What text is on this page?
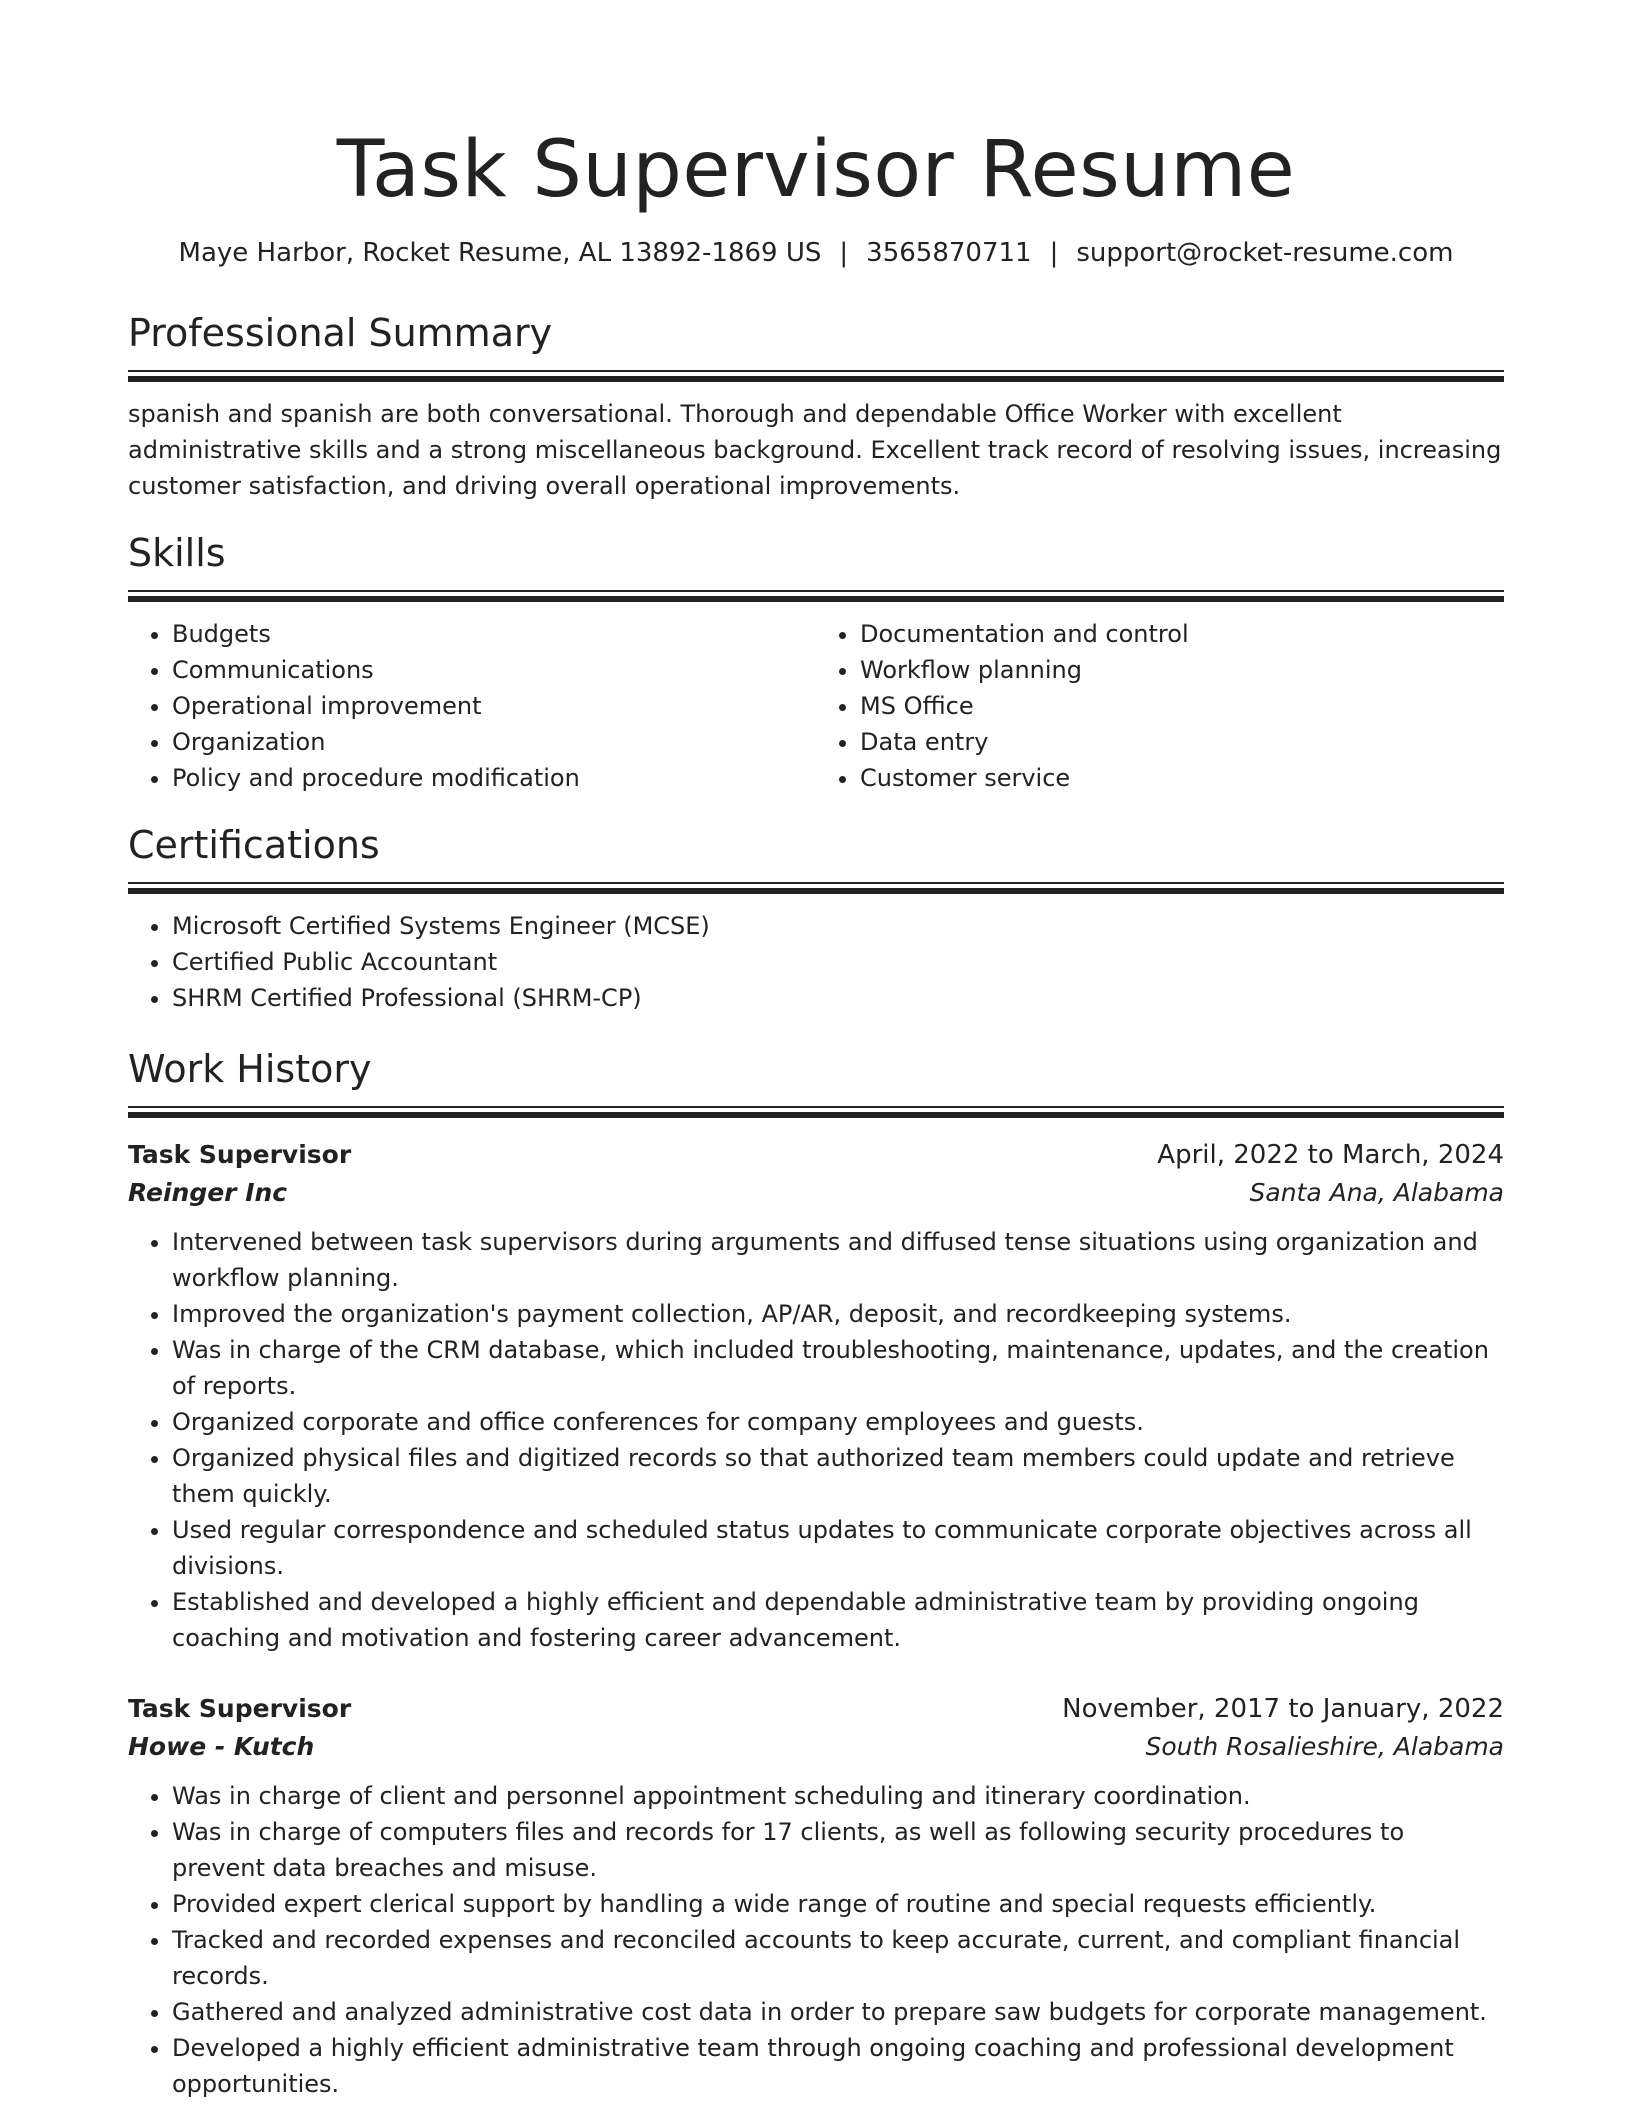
Task Supervisor Resume
Maye Harbor, Rocket Resume, AL 13892-1869 US | 3565870711 | support@rocket-resume.com
Professional Summary

spanish and spanish are both conversational. Thorough and dependable Office Worker with excellent administrative skills and a strong miscellaneous background. Excellent track record of resolving issues, increasing customer satisfaction, and driving overall operational improvements.

Skills
• Budgets
• Communications
• Operational improvement
• Organization
• Policy and procedure modification
• Documentation and control
• Workflow planning
• MS Office
• Data entry
• Customer service
Certifications
• Microsoft Certified Systems Engineer (MCSE)
• Certified Public Accountant
• SHRM Certified Professional (SHRM-CP)
Work History
Task Supervisor	April, 2022 to March, 2024
Reinger Inc	Santa Ana, Alabama
• Intervened between task supervisors during arguments and diffused tense situations using organization and workflow planning.
• Improved the organization's payment collection, AP/AR, deposit, and recordkeeping systems.
• Was in charge of the CRM database, which included troubleshooting, maintenance, updates, and the creation of reports.
• Organized corporate and office conferences for company employees and guests.
• Organized physical files and digitized records so that authorized team members could update and retrieve them quickly.
• Used regular correspondence and scheduled status updates to communicate corporate objectives across all divisions.
• Established and developed a highly efficient and dependable administrative team by providing ongoing coaching and motivation and fostering career advancement.
Task Supervisor	November, 2017 to January, 2022
Howe - Kutch	South Rosalieshire, Alabama
• Was in charge of client and personnel appointment scheduling and itinerary coordination.
• Was in charge of computers files and records for 17 clients, as well as following security procedures to prevent data breaches and misuse.
• Provided expert clerical support by handling a wide range of routine and special requests efficiently.
• Tracked and recorded expenses and reconciled accounts to keep accurate, current, and compliant financial records.
• Gathered and analyzed administrative cost data in order to prepare saw budgets for corporate management.
• Developed a highly efficient administrative team through ongoing coaching and professional development opportunities.
